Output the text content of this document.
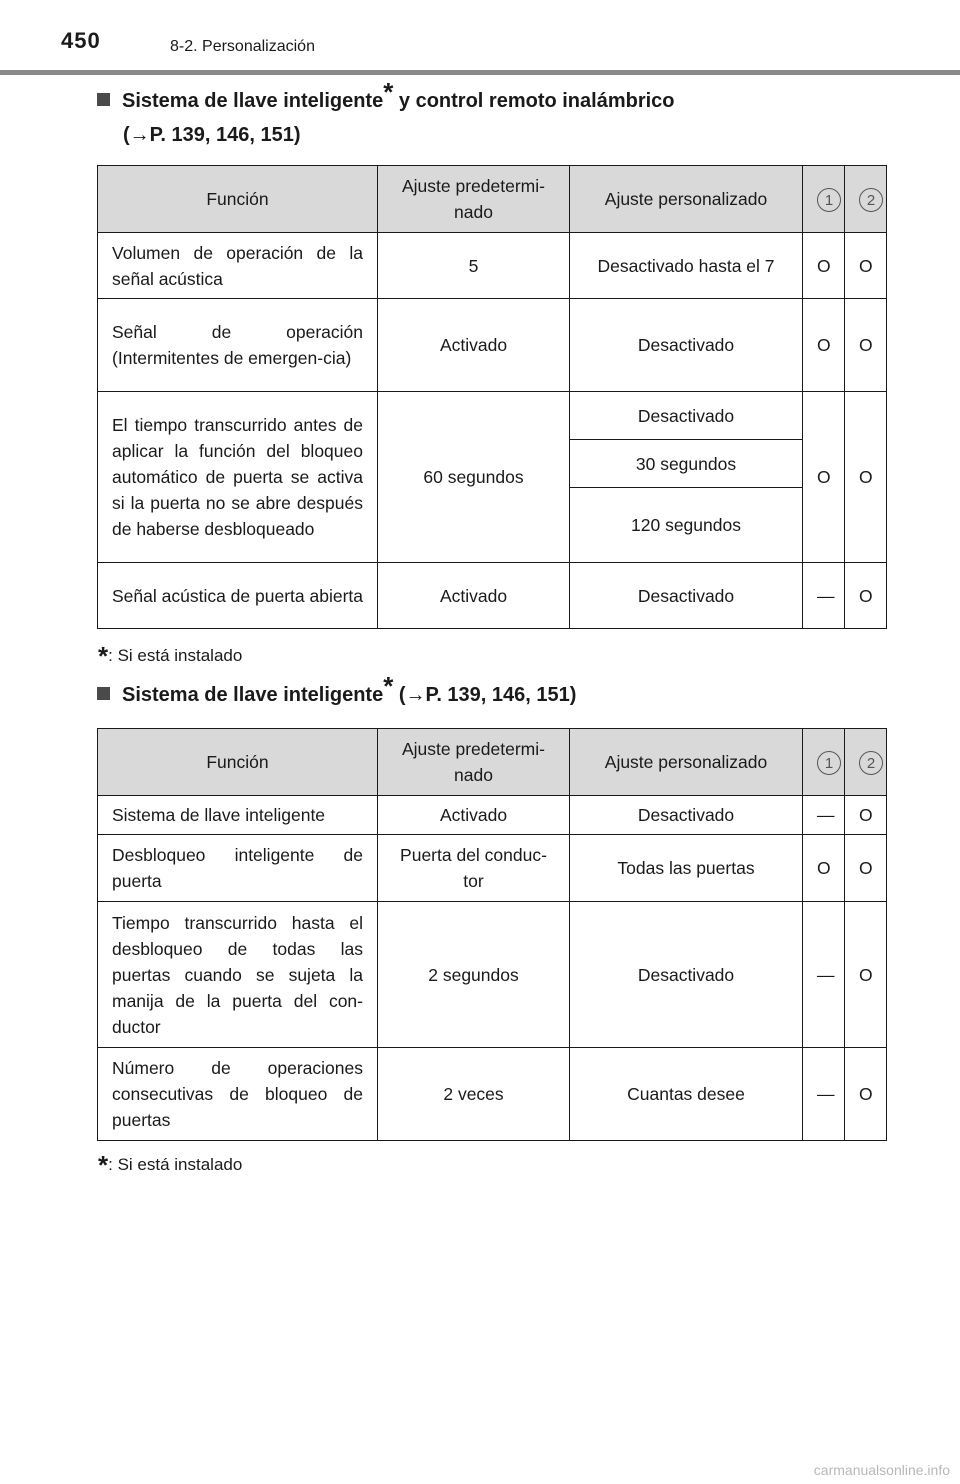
450	8-2. Personalización
Sistema de llave inteligente* y control remoto inalámbrico
(→P. 139, 146, 151)
Función	Ajuste predetermi-nado	Ajuste personalizado	1	2
Volumen de operación de la señal acústica	5	Desactivado hasta el 7	O	O
Señal de operación (Intermitentes de emergen-cia)	Activado	Desactivado	O	O
El tiempo transcurrido antes de aplicar la función del bloqueo automático de puerta se activa si la puerta no se abre después de haberse desbloqueado	60 segundos	Desactivado	O	O
		30 segundos		
		120 segundos		
Señal acústica de puerta abierta	Activado	Desactivado	—	O
*: Si está instalado
Sistema de llave inteligente* (→P. 139, 146, 151)
Función	Ajuste predetermi-nado	Ajuste personalizado	1	2
Sistema de llave inteligente	Activado	Desactivado	—	O
Desbloqueo inteligente de puerta	Puerta del conduc-tor	Todas las puertas	O	O
Tiempo transcurrido hasta el desbloqueo de todas las puertas cuando se sujeta la manija de la puerta del con-ductor	2 segundos	Desactivado	—	O
Número de operaciones consecutivas de bloqueo de puertas	2 veces	Cuantas desee	—	O
*: Si está instalado
carmanualsonline.info
